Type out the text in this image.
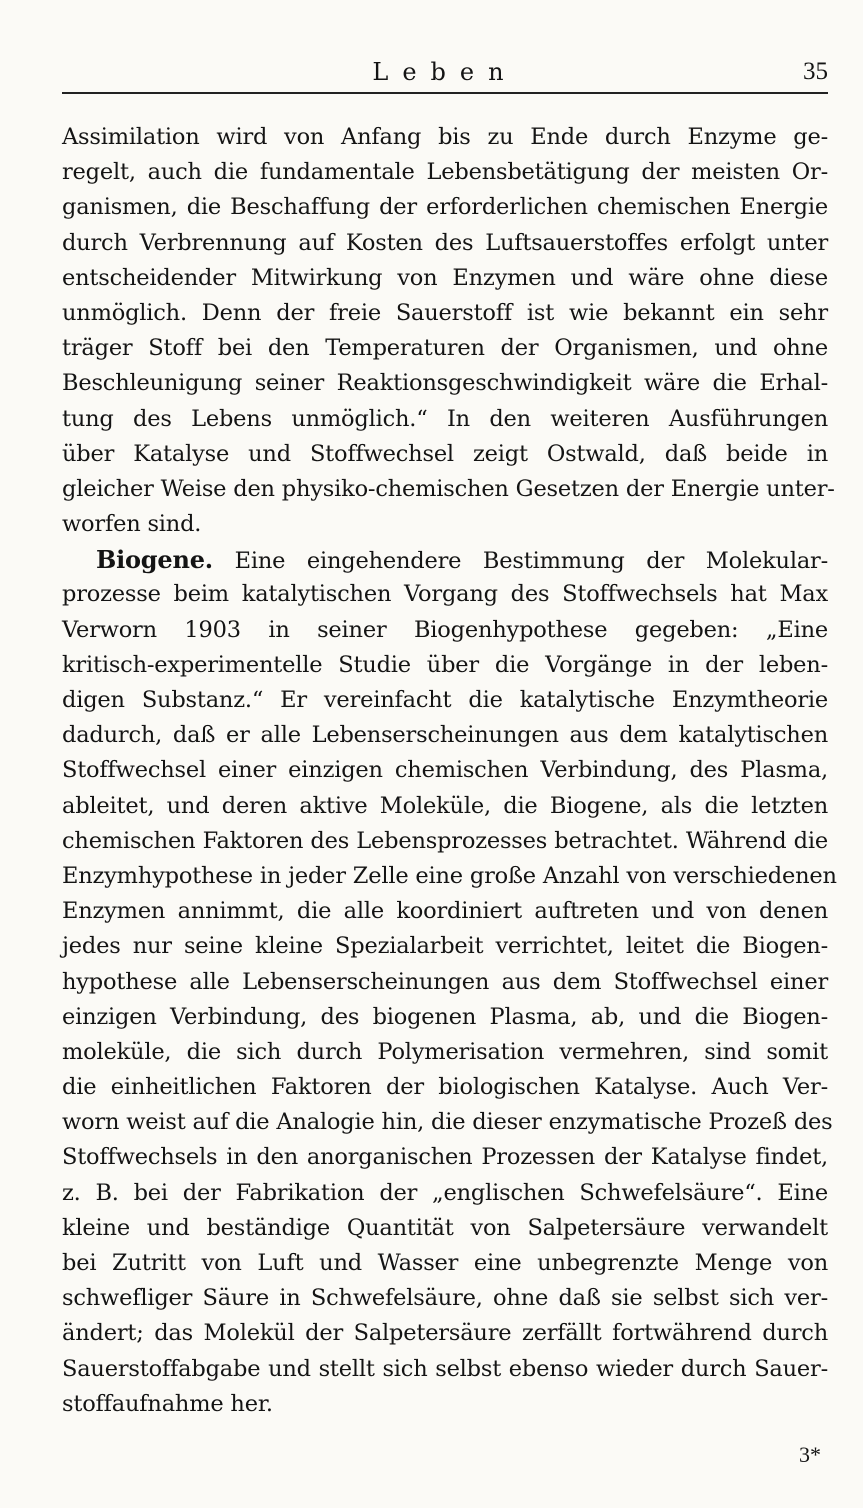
Leben	35
Assimilation wird von Anfang bis zu Ende durch Enzyme ge-
regelt, auch die fundamentale Lebensbetätigung der meisten Or-
ganismen, die Beschaffung der erforderlichen chemischen Energie
durch Verbrennung auf Kosten des Luftsauerstoffes erfolgt unter
entscheidender Mitwirkung von Enzymen und wäre ohne diese
unmöglich. Denn der freie Sauerstoff ist wie bekannt ein sehr
träger Stoff bei den Temperaturen der Organismen, und ohne
Beschleunigung seiner Reaktionsgeschwindigkeit wäre die Erhal-
tung des Lebens unmöglich.“ In den weiteren Ausführungen
über Katalyse und Stoffwechsel zeigt Ostwald, daß beide in
gleicher Weise den physiko-chemischen Gesetzen der Energie unter-
worfen sind.
Biogene. Eine eingehendere Bestimmung der Molekular-
prozesse beim katalytischen Vorgang des Stoffwechsels hat Max
Verworn 1903 in seiner Biogenhypothese gegeben: „Eine
kritisch-experimentelle Studie über die Vorgänge in der leben-
digen Substanz.“ Er vereinfacht die katalytische Enzymtheorie
dadurch, daß er alle Lebenserscheinungen aus dem katalytischen
Stoffwechsel einer einzigen chemischen Verbindung, des Plasma,
ableitet, und deren aktive Moleküle, die Biogene, als die letzten
chemischen Faktoren des Lebensprozesses betrachtet. Während die
Enzymhypothese in jeder Zelle eine große Anzahl von verschiedenen
Enzymen annimmt, die alle koordiniert auftreten und von denen
jedes nur seine kleine Spezialarbeit verrichtet, leitet die Biogen-
hypothese alle Lebenserscheinungen aus dem Stoffwechsel einer
einzigen Verbindung, des biogenen Plasma, ab, und die Biogen-
moleküle, die sich durch Polymerisation vermehren, sind somit
die einheitlichen Faktoren der biologischen Katalyse. Auch Ver-
worn weist auf die Analogie hin, die dieser enzymatische Prozeß des
Stoffwechsels in den anorganischen Prozessen der Katalyse findet,
z. B. bei der Fabrikation der „englischen Schwefelsäure“. Eine
kleine und beständige Quantität von Salpetersäure verwandelt
bei Zutritt von Luft und Wasser eine unbegrenzte Menge von
schwefliger Säure in Schwefelsäure, ohne daß sie selbst sich ver-
ändert; das Molekül der Salpetersäure zerfällt fortwährend durch
Sauerstoffabgabe und stellt sich selbst ebenso wieder durch Sauer-
stoffaufnahme her.
3*
